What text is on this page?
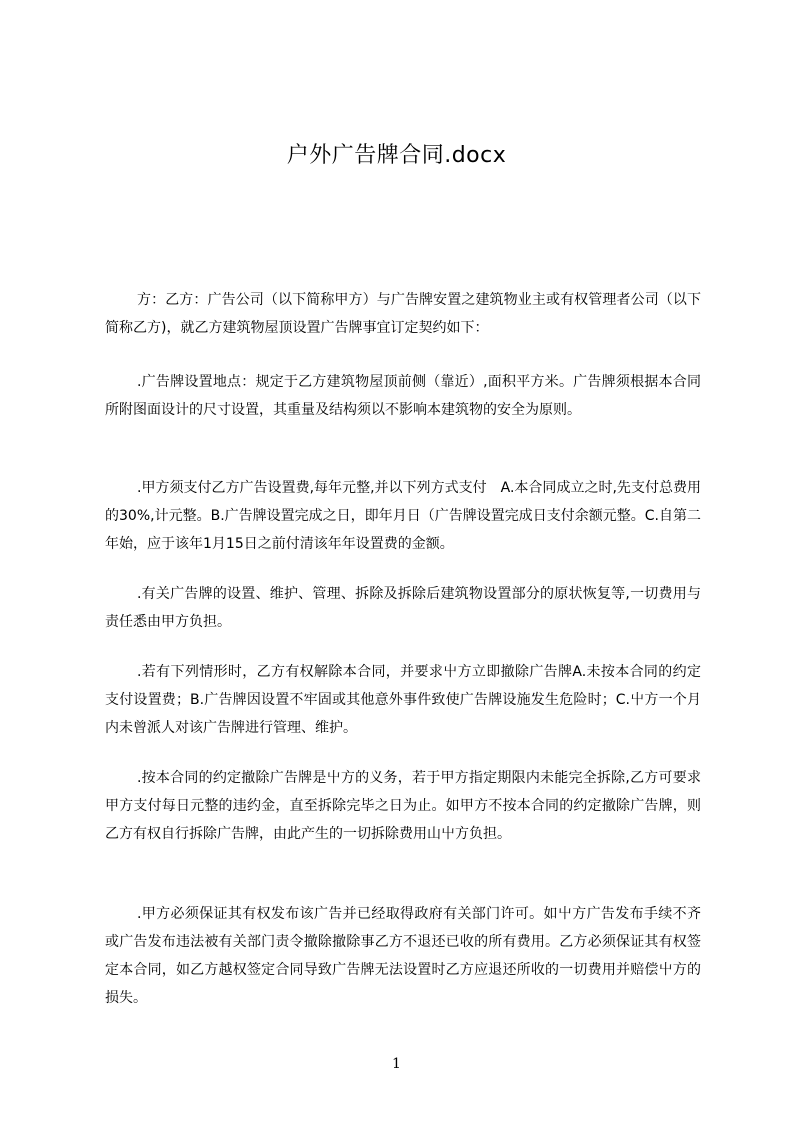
户外广告牌合同.docx

方：乙方：广告公司（以下简称甲方）与广告牌安置之建筑物业主或有权管理者公司（以下简称乙方)，就乙方建筑物屋顶设置广告牌事宜订定契约如下：

.广告牌设置地点：规定于乙方建筑物屋顶前侧（靠近）,面积平方米。广告牌须根据本合同所附图面设计的尺寸设置，其重量及结构须以不影响本建筑物的安全为原则。

.甲方须支付乙方广告设置费,每年元整,并以下列方式支付　A.本合同成立之时,先支付总费用的30%,计元整。B.广告牌设置完成之日，即年月日（广告牌设置完成日支付余额元整。C.自第二年始，应于该年1月15日之前付清该年年设置费的金额。

.有关广告牌的设置、维护、管理、拆除及拆除后建筑物设置部分的原状恢复等,一切费用与责任悉由甲方负担。

.若有下列情形时，乙方有权解除本合同，并要求屮方立即撤除广告牌A.未按本合同的约定支付设置费；B.广告牌因设置不牢固或其他意外事件致使广告牌设施发生危险时；C.屮方一个月内未曾派人对该广告牌进行管理、维护。

.按本合同的约定撤除广告牌是屮方的义务，若于甲方指定期限内未能完全拆除,乙方可要求甲方支付每日元整的违约金，直至拆除完毕之日为止。如甲方不按本合同的约定撤除广告牌，则乙方有权自行拆除广告牌，由此产生的一切拆除费用山屮方负担。

.甲方必须保证其有权发布该广告并已经取得政府有关部门许可。如屮方广告发布手续不齐或广告发布违法被有关部门责令撤除撤除事乙方不退还已收的所有费用。乙方必须保证其有权签定本合同，如乙方越权签定合同导致广告牌无法设置时乙方应退还所收的一切费用并赔偿屮方的损失。

1
